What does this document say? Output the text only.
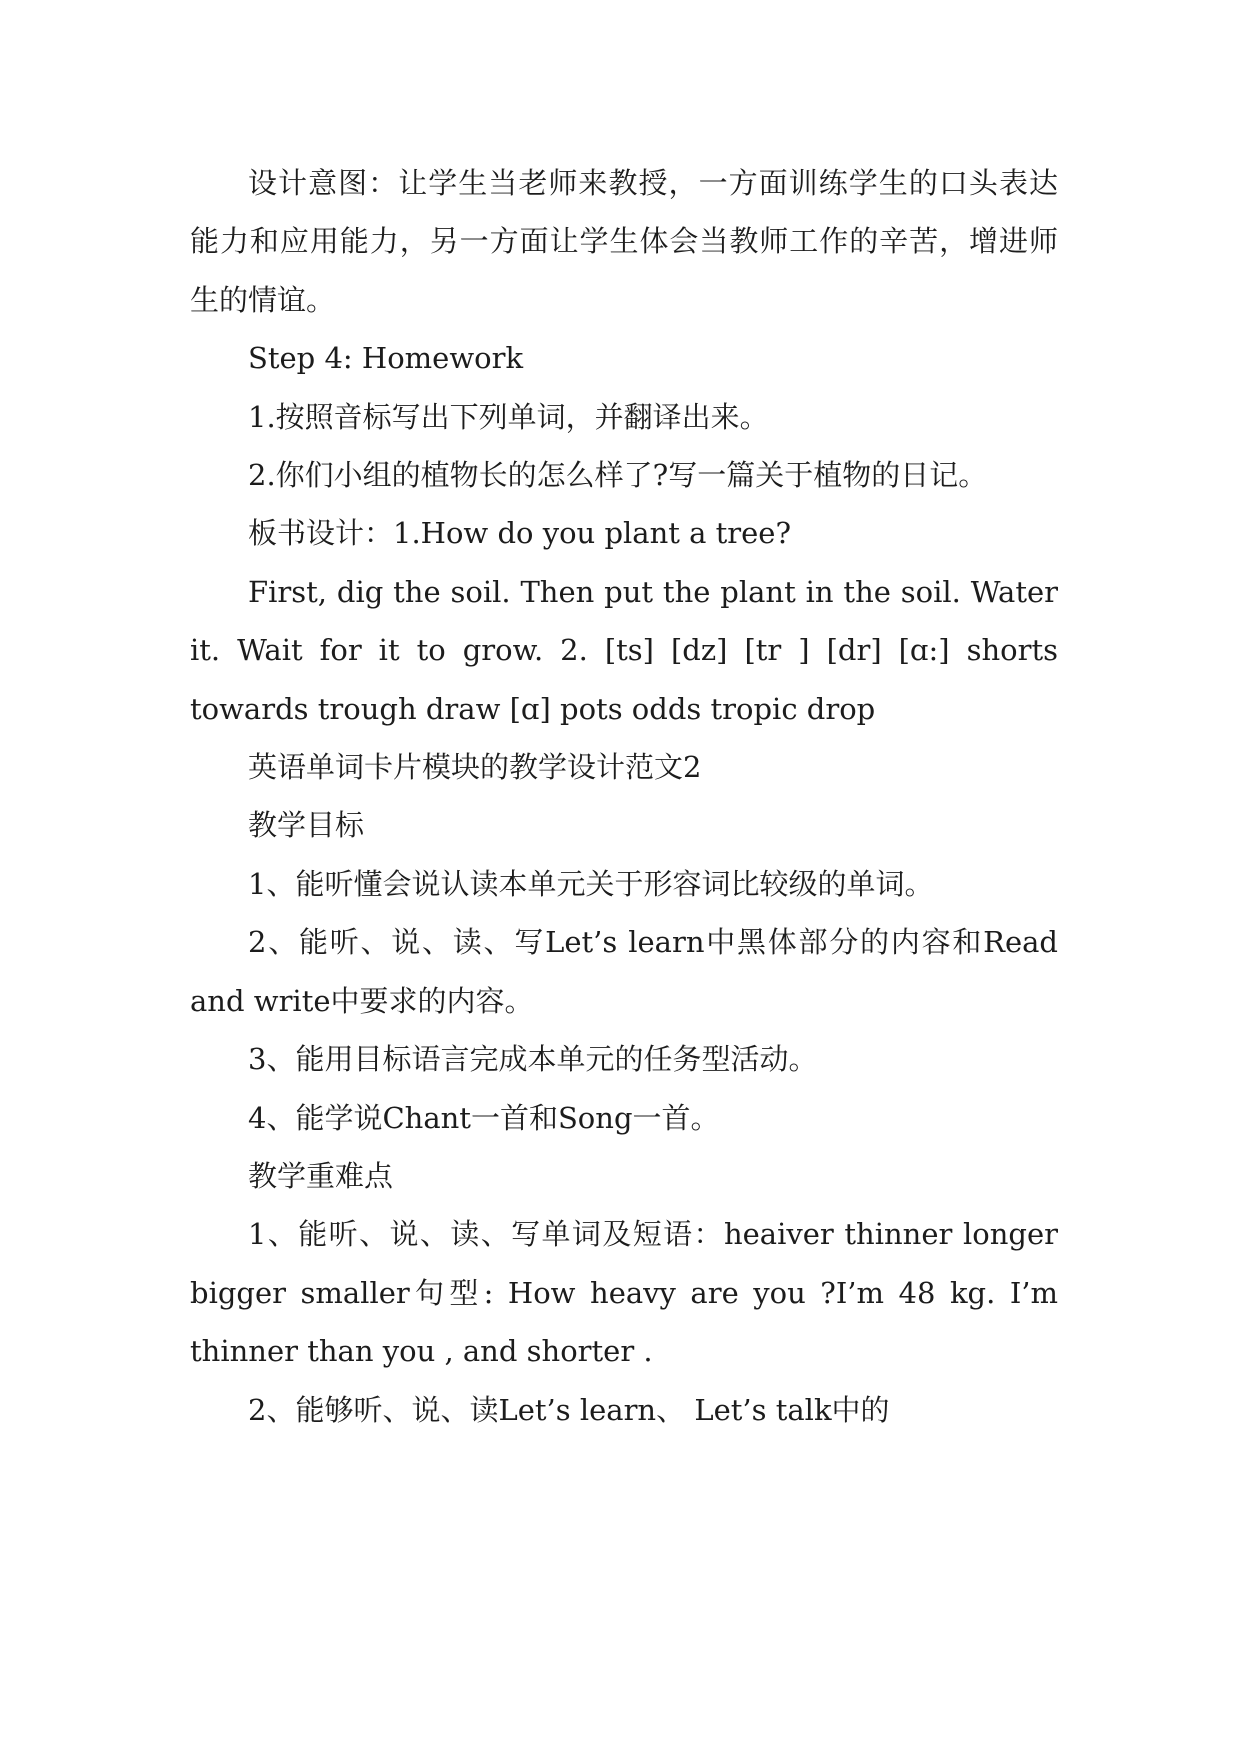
设计意图：让学生当老师来教授，一方面训练学生的口头表达能力和应用能力，另一方面让学生体会当教师工作的辛苦，增进师生的情谊。

Step 4: Homework

1.按照音标写出下列单词，并翻译出来。

2.你们小组的植物长的怎么样了?写一篇关于植物的日记。

板书设计：1.How do you plant a tree?

First, dig the soil. Then put the plant in the soil. Water it. Wait for it to grow. 2. [ts] [dz] [tr ] [dr] [ɑ:] shorts towards trough draw [ɑ] pots odds tropic drop

英语单词卡片模块的教学设计范文2

教学目标

1、能听懂会说认读本单元关于形容词比较级的单词。

2、能听、说、读、写Let’s learn中黑体部分的内容和Read and write中要求的内容。

3、能用目标语言完成本单元的任务型活动。

4、能学说Chant一首和Song一首。

教学重难点

1、能听、说、读、写单词及短语：heaiver thinner longer bigger smaller句型: How heavy are you ?I’m 48 kg. I’m thinner than you , and shorter .

2、能够听、说、读Let’s learn、 Let’s talk中的
